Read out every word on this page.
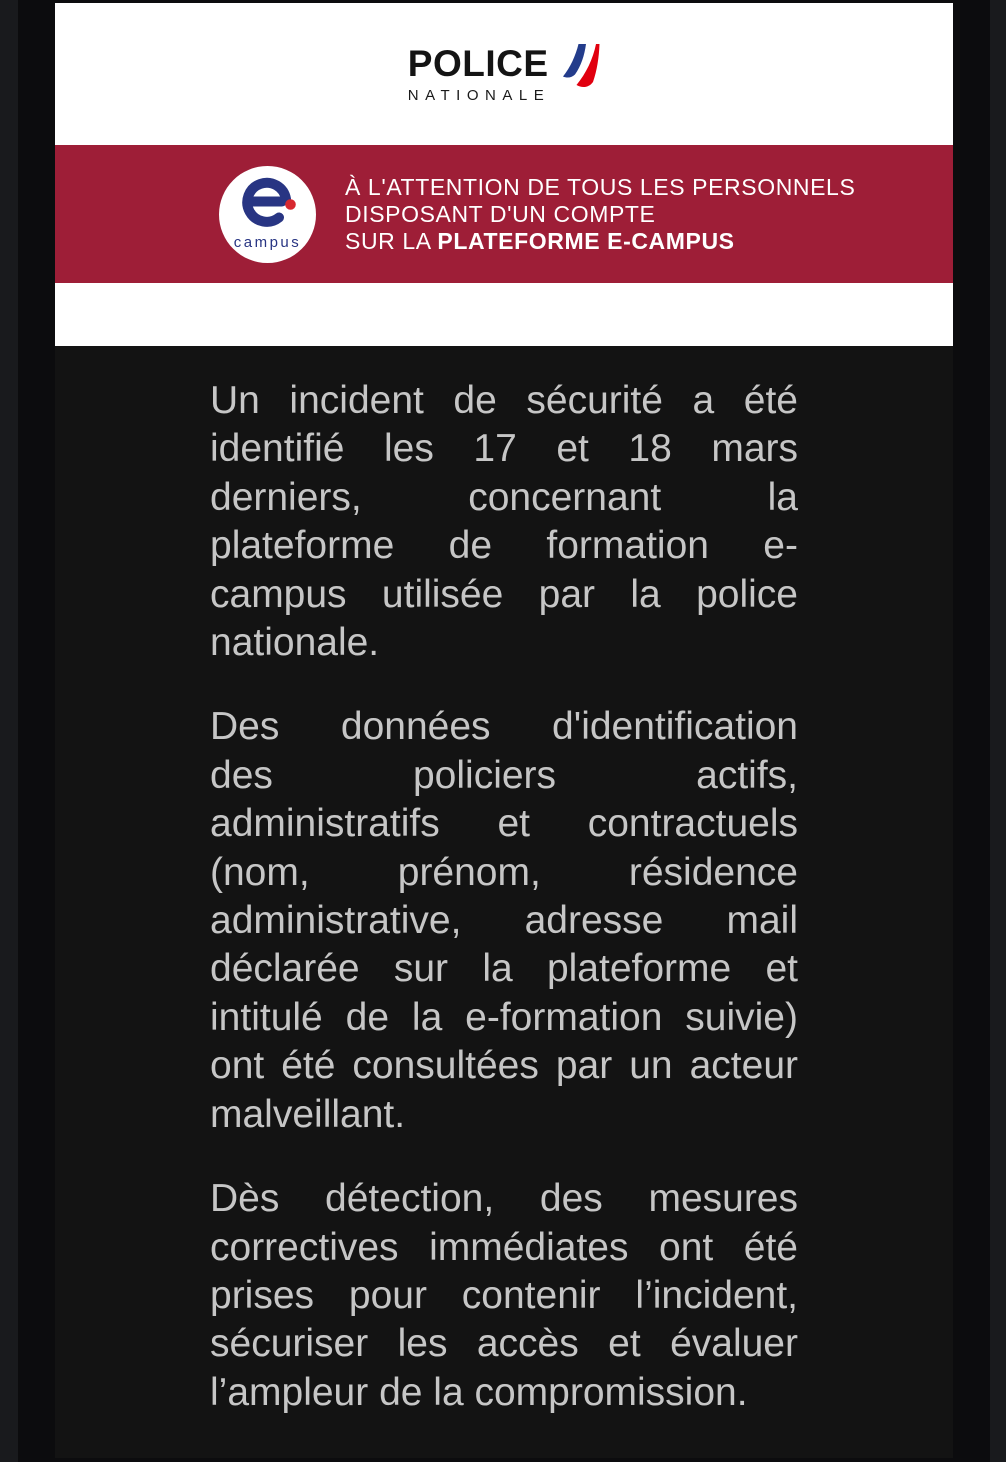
POLICE
NATIONALE
campus
À L'ATTENTION DE TOUS LES PERSONNELS
DISPOSANT D'UN COMPTE
SUR LA PLATEFORME E-CAMPUS
Un incident de sécurité a été
identifié les 17 et 18 mars
derniers, concernant la
plateforme de formation e-
campus utilisée par la police
nationale.
Des données d'identification
des policiers actifs,
administratifs et contractuels
(nom, prénom, résidence
administrative, adresse mail
déclarée sur la plateforme et
intitulé de la e-formation suivie)
ont été consultées par un acteur
malveillant.
Dès détection, des mesures
correctives immédiates ont été
prises pour contenir l’incident,
sécuriser les accès et évaluer
l’ampleur de la compromission.
